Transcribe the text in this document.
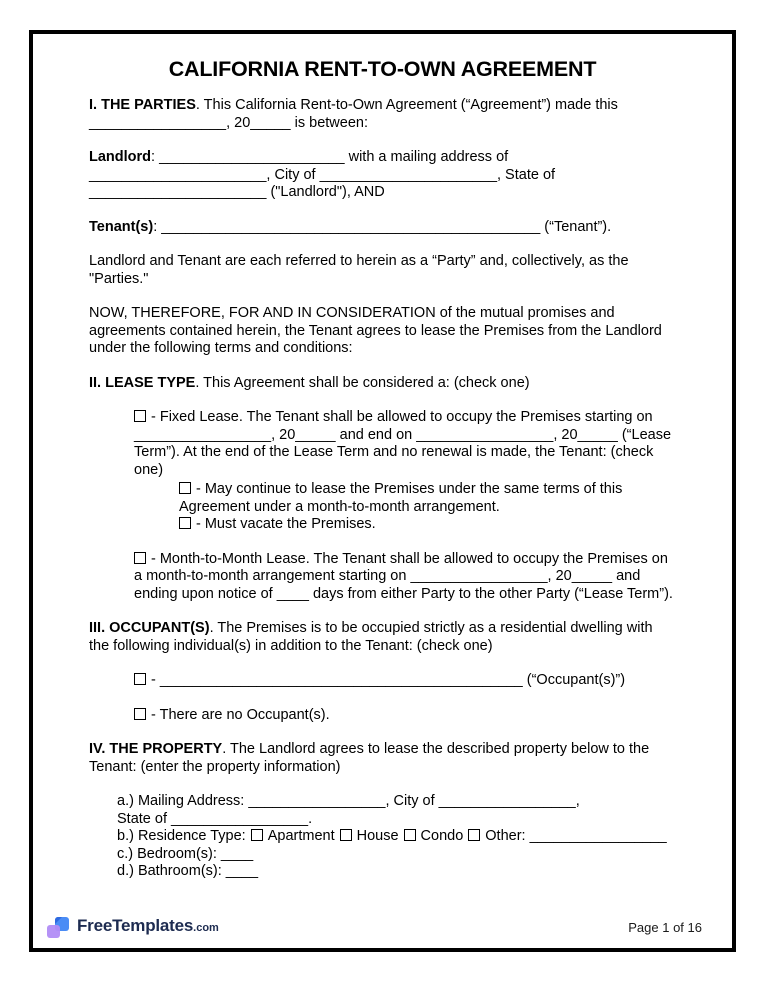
CALIFORNIA RENT-TO-OWN AGREEMENT

I. THE PARTIES. This California Rent-to-Own Agreement (“Agreement”) made this _________________, 20_____ is between:

Landlord: _______________________ with a mailing address of ______________________, City of ______________________, State of ______________________ ("Landlord"), AND

Tenant(s): _______________________________________________ (“Tenant”).

Landlord and Tenant are each referred to herein as a “Party” and, collectively, as the "Parties."

NOW, THEREFORE, FOR AND IN CONSIDERATION of the mutual promises and agreements contained herein, the Tenant agrees to lease the Premises from the Landlord under the following terms and conditions:

II. LEASE TYPE. This Agreement shall be considered a: (check one)

- Fixed Lease. The Tenant shall be allowed to occupy the Premises starting on _________________, 20_____ and end on _________________, 20_____ (“Lease Term”). At the end of the Lease Term and no renewal is made, the Tenant: (check one)
- May continue to lease the Premises under the same terms of this Agreement under a month-to-month arrangement.
- Must vacate the Premises.
- Month-to-Month Lease. The Tenant shall be allowed to occupy the Premises on a month-to-month arrangement starting on _________________, 20_____ and ending upon notice of ____ days from either Party to the other Party (“Lease Term”).

III. OCCUPANT(S). The Premises is to be occupied strictly as a residential dwelling with the following individual(s) in addition to the Tenant: (check one)

- _____________________________________________ (“Occupant(s)”)
- There are no Occupant(s).

IV. THE PROPERTY. The Landlord agrees to lease the described property below to the Tenant: (enter the property information)

a.) Mailing Address: _________________, City of _________________,
State of _________________.
b.) Residence Type: Apartment House Condo Other: _________________
c.) Bedroom(s): ____
d.) Bathroom(s): ____
FreeTemplates.com	Page 1 of 16
